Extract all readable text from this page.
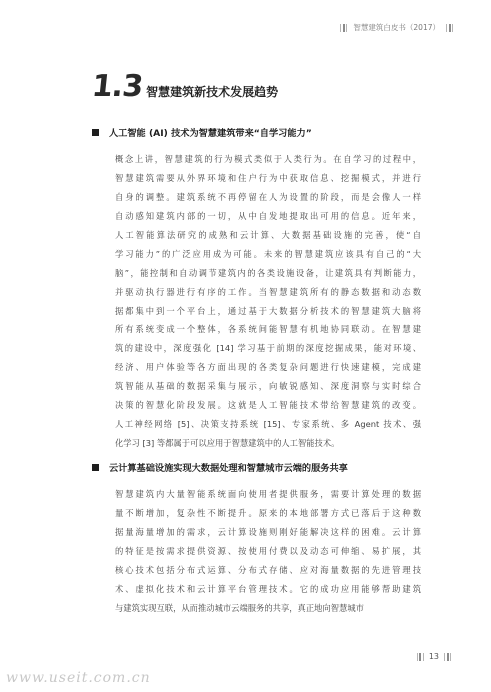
智慧建筑白皮书（2017）
1.3 智慧建筑新技术发展趋势
人工智能 (AI) 技术为智慧建筑带来“自学习能力”
概念上讲，智慧建筑的行为模式类似于人类行为。在自学习的过程中，
智慧建筑需要从外界环境和住户行为中获取信息、挖掘模式，并进行
自身的调整。建筑系统不再停留在人为设置的阶段，而是会像人一样
自动感知建筑内部的一切，从中自发地提取出可用的信息。近年来，
人工智能算法研究的成熟和云计算、大数据基础设施的完善，使“自
学习能力”的广泛应用成为可能。未来的智慧建筑应该具有自己的“大
脑”，能控制和自动调节建筑内的各类设施设备，让建筑具有判断能力，
并驱动执行器进行有序的工作。当智慧建筑所有的静态数据和动态数
据都集中到一个平台上，通过基于大数据分析技术的智慧建筑大脑将
所有系统变成一个整体，各系统间能智慧有机地协同联动。在智慧建
筑的建设中，深度强化 [14] 学习基于前期的深度挖掘成果，能对环境、
经济、用户体验等各方面出现的各类复杂问题进行快速建模，完成建
筑智能从基础的数据采集与展示，向敏锐感知、深度洞察与实时综合
决策的智慧化阶段发展。这就是人工智能技术带给智慧建筑的改变。
人工神经网络 [5]、决策支持系统 [15]、专家系统、多 Agent 技术、强
化学习 [3] 等都属于可以应用于智慧建筑中的人工智能技术。
云计算基础设施实现大数据处理和智慧城市云端的服务共享
智慧建筑内大量智能系统面向使用者提供服务，需要计算处理的数据
量不断增加，复杂性不断提升。原来的本地部署方式已落后于这种数
据量海量增加的需求，云计算设施则刚好能解决这样的困难。云计算
的特征是按需求提供资源、按使用付费以及动态可伸缩、易扩展，其
核心技术包括分布式运算、分布式存储、应对海量数据的先进管理技
术、虚拟化技术和云计算平台管理技术。它的成功应用能够帮助建筑
与建筑实现互联，从而推动城市云端服务的共享，真正地向智慧城市
13
www.useit.com.cn
